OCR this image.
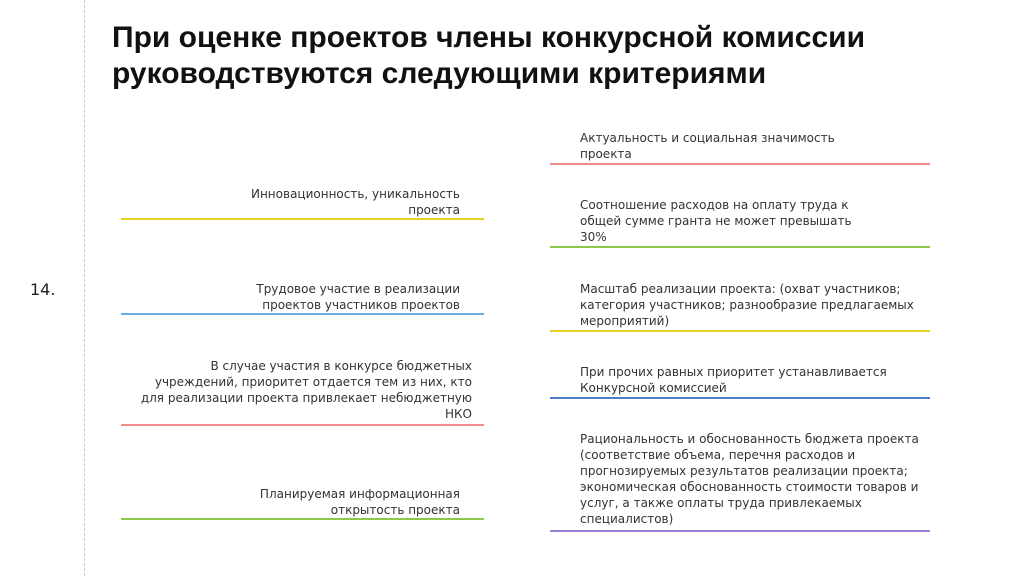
При оценке проектов члены конкурсной комиссии
руководствуются следующими критериями
14.
Инновационность, уникальность проекта
Трудовое участие в реализации проектов участников проектов
В случае участия в конкурсе бюджетных учреждений, приоритет отдается тем из них, кто для реализации проекта привлекает небюджетную НКО
Планируемая информационная открытость проекта
Актуальность и социальная значимость проекта
Соотношение расходов на оплату труда к общей сумме гранта не может превышать 30%
Масштаб реализации проекта: (охват участников; категория участников; разнообразие предлагаемых мероприятий)
При прочих равных приоритет устанавливается Конкурсной комиссией
Рациональность и обоснованность бюджета проекта (соответствие объема, перечня расходов и прогнозируемых результатов реализации проекта; экономическая обоснованность стоимости товаров и услуг, а также оплаты труда привлекаемых специалистов)
